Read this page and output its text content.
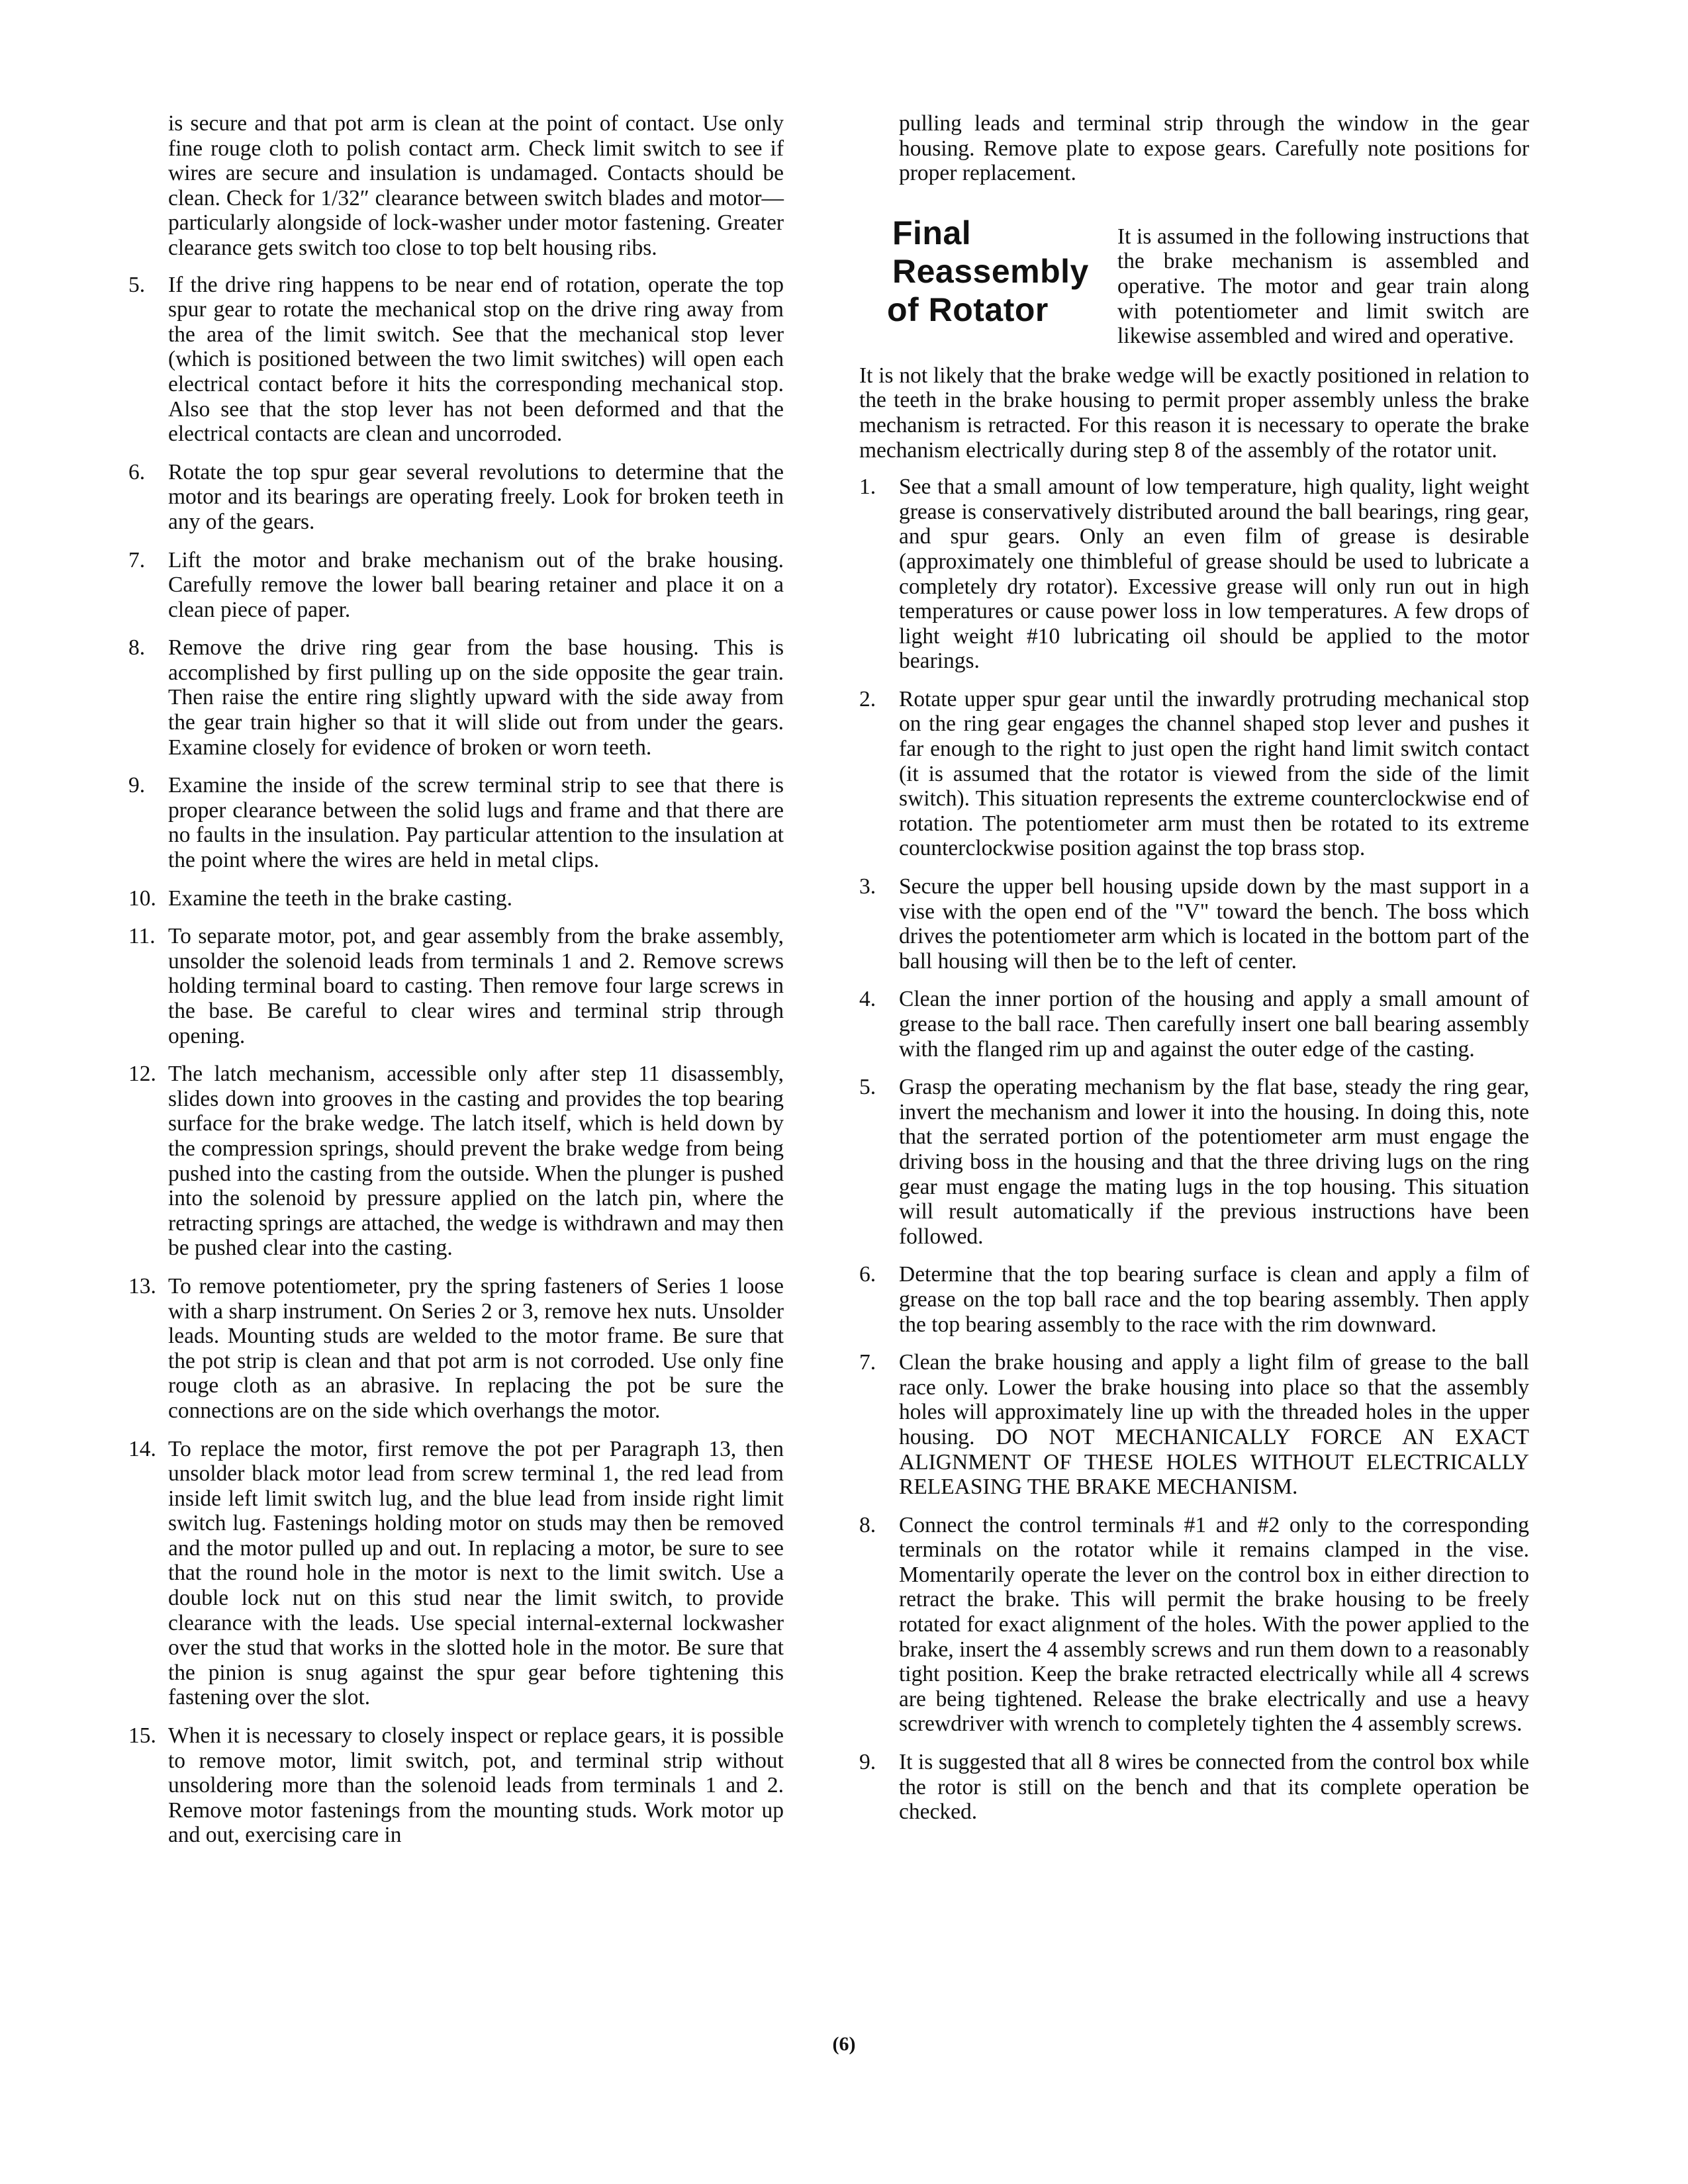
is secure and that pot arm is clean at the point of contact. Use only fine rouge cloth to polish contact arm. Check limit switch to see if wires are secure and insulation is undamaged. Contacts should be clean. Check for 1/32″ clearance between switch blades and motor—particularly alongside of lock-washer under motor fastening. Greater clearance gets switch too close to top belt housing ribs.

5.	If the drive ring happens to be near end of rotation, operate the top spur gear to rotate the mechanical stop on the drive ring away from the area of the limit switch. See that the mechanical stop lever (which is positioned between the two limit switches) will open each electrical contact before it hits the corresponding mechanical stop. Also see that the stop lever has not been deformed and that the electrical contacts are clean and uncorroded.
6.	Rotate the top spur gear several revolutions to determine that the motor and its bearings are operating freely. Look for broken teeth in any of the gears.
7.	Lift the motor and brake mechanism out of the brake housing. Carefully remove the lower ball bearing retainer and place it on a clean piece of paper.
8.	Remove the drive ring gear from the base housing. This is accomplished by first pulling up on the side opposite the gear train. Then raise the entire ring slightly upward with the side away from the gear train higher so that it will slide out from under the gears. Examine closely for evidence of broken or worn teeth.
9.	Examine the inside of the screw terminal strip to see that there is proper clearance between the solid lugs and frame and that there are no faults in the insulation. Pay particular attention to the insulation at the point where the wires are held in metal clips.
10. Examine the teeth in the brake casting.
11. To separate motor, pot, and gear assembly from the brake assembly, unsolder the solenoid leads from terminals 1 and 2. Remove screws holding terminal board to casting. Then remove four large screws in the base. Be careful to clear wires and terminal strip through opening.
12. The latch mechanism, accessible only after step 11 disassembly, slides down into grooves in the casting and provides the top bearing surface for the brake wedge. The latch itself, which is held down by the compression springs, should prevent the brake wedge from being pushed into the casting from the outside. When the plunger is pushed into the solenoid by pressure applied on the latch pin, where the retracting springs are attached, the wedge is withdrawn and may then be pushed clear into the casting.
13. To remove potentiometer, pry the spring fasteners of Series 1 loose with a sharp instrument. On Series 2 or 3, remove hex nuts. Unsolder leads. Mounting studs are welded to the motor frame. Be sure that the pot strip is clean and that pot arm is not corroded. Use only fine rouge cloth as an abrasive. In replacing the pot be sure the connections are on the side which overhangs the motor.
14. To replace the motor, first remove the pot per Paragraph 13, then unsolder black motor lead from screw terminal 1, the red lead from inside left limit switch lug, and the blue lead from inside right limit switch lug. Fastenings holding motor on studs may then be removed and the motor pulled up and out. In replacing a motor, be sure to see that the round hole in the motor is next to the limit switch. Use a double lock nut on this stud near the limit switch, to provide clearance with the leads. Use special internal-external lockwasher over the stud that works in the slotted hole in the motor. Be sure that the pinion is snug against the spur gear before tightening this fastening over the slot.
15. When it is necessary to closely inspect or replace gears, it is possible to remove motor, limit switch, pot, and terminal strip without unsoldering more than the solenoid leads from terminals 1 and 2. Remove motor fastenings from the mounting studs. Work motor up and out, exercising care in

pulling leads and terminal strip through the window in the gear housing. Remove plate to expose gears. Carefully note positions for proper replacement.

Final
Reassembly
of Rotator

It is assumed in the following instructions that the brake mechanism is assembled and operative. The motor and gear train along with potentiometer and limit switch are likewise assembled and wired and operative.

It is not likely that the brake wedge will be exactly positioned in relation to the teeth in the brake housing to permit proper assembly unless the brake mechanism is retracted. For this reason it is necessary to operate the brake mechanism electrically during step 8 of the assembly of the rotator unit.

1.	See that a small amount of low temperature, high quality, light weight grease is conservatively distributed around the ball bearings, ring gear, and spur gears. Only an even film of grease is desirable (approximately one thimbleful of grease should be used to lubricate a completely dry rotator). Excessive grease will only run out in high temperatures or cause power loss in low temperatures. A few drops of light weight #10 lubricating oil should be applied to the motor bearings.
2.	Rotate upper spur gear until the inwardly protruding mechanical stop on the ring gear engages the channel shaped stop lever and pushes it far enough to the right to just open the right hand limit switch contact (it is assumed that the rotator is viewed from the side of the limit switch). This situation represents the extreme counterclockwise end of rotation. The potentiometer arm must then be rotated to its extreme counterclockwise position against the top brass stop.
3.	Secure the upper bell housing upside down by the mast support in a vise with the open end of the "V" toward the bench. The boss which drives the potentiometer arm which is located in the bottom part of the ball housing will then be to the left of center.
4.	Clean the inner portion of the housing and apply a small amount of grease to the ball race. Then carefully insert one ball bearing assembly with the flanged rim up and against the outer edge of the casting.
5.	Grasp the operating mechanism by the flat base, steady the ring gear, invert the mechanism and lower it into the housing. In doing this, note that the serrated portion of the potentiometer arm must engage the driving boss in the housing and that the three driving lugs on the ring gear must engage the mating lugs in the top housing. This situation will result automatically if the previous instructions have been followed.
6.	Determine that the top bearing surface is clean and apply a film of grease on the top ball race and the top bearing assembly. Then apply the top bearing assembly to the race with the rim downward.
7.	Clean the brake housing and apply a light film of grease to the ball race only. Lower the brake housing into place so that the assembly holes will approximately line up with the threaded holes in the upper housing. DO NOT MECHANICALLY FORCE AN EXACT ALIGNMENT OF THESE HOLES WITHOUT ELECTRICALLY RELEASING THE BRAKE MECHANISM.
8.	Connect the control terminals #1 and #2 only to the corresponding terminals on the rotator while it remains clamped in the vise. Momentarily operate the lever on the control box in either direction to retract the brake. This will permit the brake housing to be freely rotated for exact alignment of the holes. With the power applied to the brake, insert the 4 assembly screws and run them down to a reasonably tight position. Keep the brake retracted electrically while all 4 screws are being tightened. Release the brake electrically and use a heavy screwdriver with wrench to completely tighten the 4 assembly screws.
9.	It is suggested that all 8 wires be connected from the control box while the rotor is still on the bench and that its complete operation be checked.
(6)
